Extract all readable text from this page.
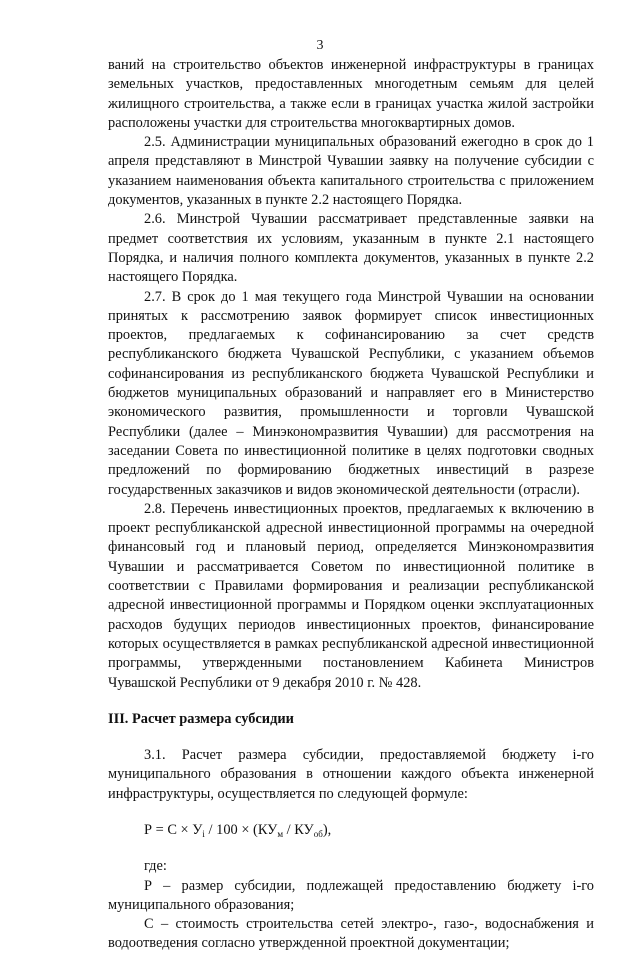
3

ваний на строительство объектов инженерной инфраструктуры в границах земельных участков, предоставленных многодетным семьям для целей жилищного строительства, а также если в границах участка жилой застройки расположены участки для строительства многоквартирных домов.

2.5. Администрации муниципальных образований ежегодно в срок до 1 апреля представляют в Минстрой Чувашии заявку на получение субсидии с указанием наименования объекта капитального строительства с приложением документов, указанных в пункте 2.2 настоящего Порядка.

2.6. Минстрой Чувашии рассматривает представленные заявки на предмет соответствия их условиям, указанным в пункте 2.1 настоящего Порядка, и наличия полного комплекта документов, указанных в пункте 2.2 настоящего Порядка.

2.7. В срок до 1 мая текущего года Минстрой Чувашии на основании принятых к рассмотрению заявок формирует список инвестиционных проектов, предлагаемых к софинансированию за счет средств республиканского бюджета Чувашской Республики, с указанием объемов софинансирования из республиканского бюджета Чувашской Республики и бюджетов муниципальных образований и направляет его в Министерство экономического развития, промышленности и торговли Чувашской Республики (далее – Минэкономразвития Чувашии) для рассмотрения на заседании Совета по инвестиционной политике в целях подготовки сводных предложений по формированию бюджетных инвестиций в разрезе государственных заказчиков и видов экономической деятельности (отрасли).

2.8. Перечень инвестиционных проектов, предлагаемых к включению в проект республиканской адресной инвестиционной программы на очередной финансовый год и плановый период, определяется Минэкономразвития Чувашии и рассматривается Советом по инвестиционной политике в соответствии с Правилами формирования и реализации республиканской адресной инвестиционной программы и Порядком оценки эксплуатационных расходов будущих периодов инвестиционных проектов, финансирование которых осуществляется в рамках республиканской адресной инвестиционной программы, утвержденными постановлением Кабинета Министров Чувашской Республики от 9 декабря 2010 г. № 428.

III. Расчет размера субсидии

3.1. Расчет размера субсидии, предоставляемой бюджету i-го муниципального образования в отношении каждого объекта инженерной инфраструктуры, осуществляется по следующей формуле:

$Р = С \times У_i / 100 \times (КУ_м / КУ_{об})$,

где:

Р – размер субсидии, подлежащей предоставлению бюджету i-го муниципального образования;

С – стоимость строительства сетей электро-, газо-, водоснабжения и водоотведения согласно утвержденной проектной документации;
